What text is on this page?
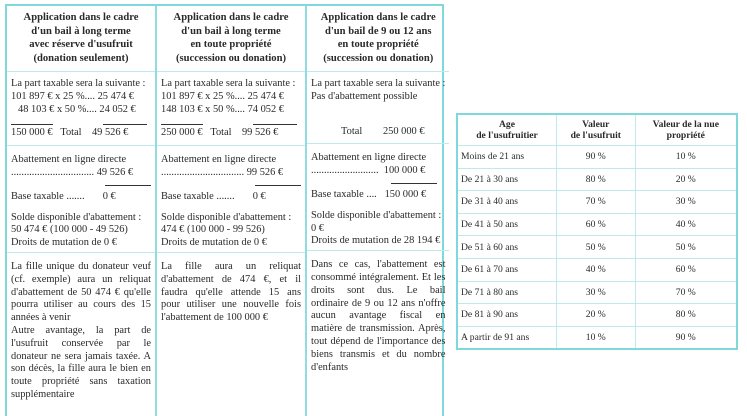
Application dans le cadre
d'un bail à long terme
avec réserve d'usufruit
(donation seulement)
La part taxable sera la suivante :
101 897 € x 25 %.... 25 474 €
48 103 € x 50 %.... 24 052 €
150 000 € Total 49 526 €
Abattement en ligne directe
................................ 49 526 €
Base taxable ....... 0 €
Solde disponible d'abattement :
50 474 € (100 000 - 49 526)
Droits de mutation de 0 €
La fille unique du donateur veuf (cf. exemple) aura un reliquat d'abattement de 50 474 € qu'elle pourra utiliser au cours des 15 années à venir
Autre avantage, la part de l'usufruit conservée par le donateur ne sera jamais taxée. A son décès, la fille aura le bien en toute propriété sans taxation supplémentaire
Application dans le cadre
d'un bail à long terme
en toute propriété
(succession ou donation)
La part taxable sera la suivante :
101 897 € x 25 %.... 25 474 €
148 103 € x 50 %.... 74 052 €
250 000 € Total 99 526 €
Abattement en ligne directe
................................ 99 526 €
Base taxable ....... 0 €
Solde disponible d'abattement :
474 € (100 000 - 99 526)
Droits de mutation de 0 €
La fille aura un reliquat d'abattement de 474 €, et il faudra qu'elle attende 15 ans pour utiliser une nouvelle fois l'abattement de 100 000 €
Application dans le cadre
d'un bail de 9 ou 12 ans
en toute propriété
(succession ou donation)
La part taxable sera la suivante :
Pas d'abattement possible
Total 250 000 €
Abattement en ligne directe
.......................... 100 000 €
Base taxable .... 150 000 €
Solde disponible d'abattement :
0 €
Droits de mutation de 28 194 €
Dans ce cas, l'abattement est consommé intégralement. Et les droits sont dus. Le bail ordinaire de 9 ou 12 ans n'offre aucun avantage fiscal en matière de transmission. Après, tout dépend de l'importance des biens transmis et du nombre d'enfants
Age
de l'usufruitier

Valeur
de l'usufruit

Valeur de la nue
propriété

Moins de 21 ans	90 %	10 %
De 21 à 30 ans	80 %	20 %
De 31 à 40 ans	70 %	30 %
De 41 à 50 ans	60 %	40 %
De 51 à 60 ans	50 %	50 %
De 61 à 70 ans	40 %	60 %
De 71 à 80 ans	30 %	70 %
De 81 à 90 ans	20 %	80 %
A partir de 91 ans	10 %	90 %
